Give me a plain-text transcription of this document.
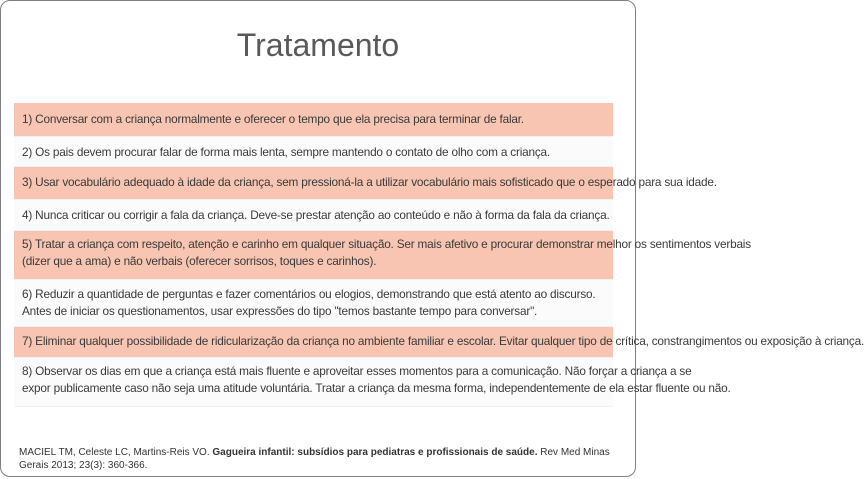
Tratamento
1) Conversar com a criança normalmente e oferecer o tempo que ela precisa para terminar de falar.
2) Os pais devem procurar falar de forma mais lenta, sempre mantendo o contato de olho com a criança.
3) Usar vocabulário adequado à idade da criança, sem pressioná-la a utilizar vocabulário mais sofisticado que o esperado para sua idade.
4) Nunca criticar ou corrigir a fala da criança. Deve-se prestar atenção ao conteúdo e não à forma da fala da criança.
5) Tratar a criança com respeito, atenção e carinho em qualquer situação. Ser mais afetivo e procurar demonstrar melhor os sentimentos verbais
(dizer que a ama) e não verbais (oferecer sorrisos, toques e carinhos).
6) Reduzir a quantidade de perguntas e fazer comentários ou elogios, demonstrando que está atento ao discurso.
Antes de iniciar os questionamentos, usar expressões do tipo "temos bastante tempo para conversar".
7) Eliminar qualquer possibilidade de ridicularização da criança no ambiente familiar e escolar. Evitar qualquer tipo de crítica, constrangimentos ou exposição à criança.
8) Observar os dias em que a criança está mais fluente e aproveitar esses momentos para a comunicação. Não forçar a criança a se
expor publicamente caso não seja uma atitude voluntária. Tratar a criança da mesma forma, independentemente de ela estar fluente ou não.
MACIEL TM, Celeste LC, Martins-Reis VO. Gagueira infantil: subsídios para pediatras e profissionais de saúde. Rev Med Minas Gerais 2013; 23(3): 360-366.
